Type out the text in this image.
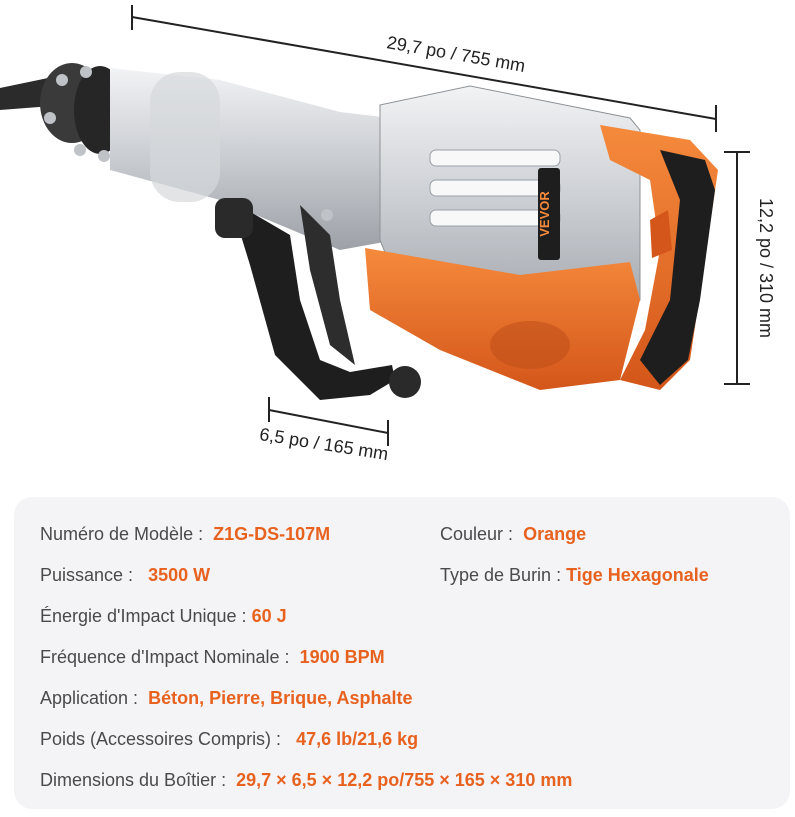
29,7 po / 755 mm
12,2 po / 310 mm
6,5 po / 165 mm
VEVOR
Numéro de Modèle : Z1G-DS-107M	Couleur : Orange
Puissance : 3500 W	Type de Burin : Tige Hexagonale
Énergie d'Impact Unique : 60 J
Fréquence d'Impact Nominale : 1900 BPM
Application : Béton, Pierre, Brique, Asphalte
Poids (Accessoires Compris) : 47,6 lb/21,6 kg
Dimensions du Boîtier : 29,7 × 6,5 × 12,2 po/755 × 165 × 310 mm
